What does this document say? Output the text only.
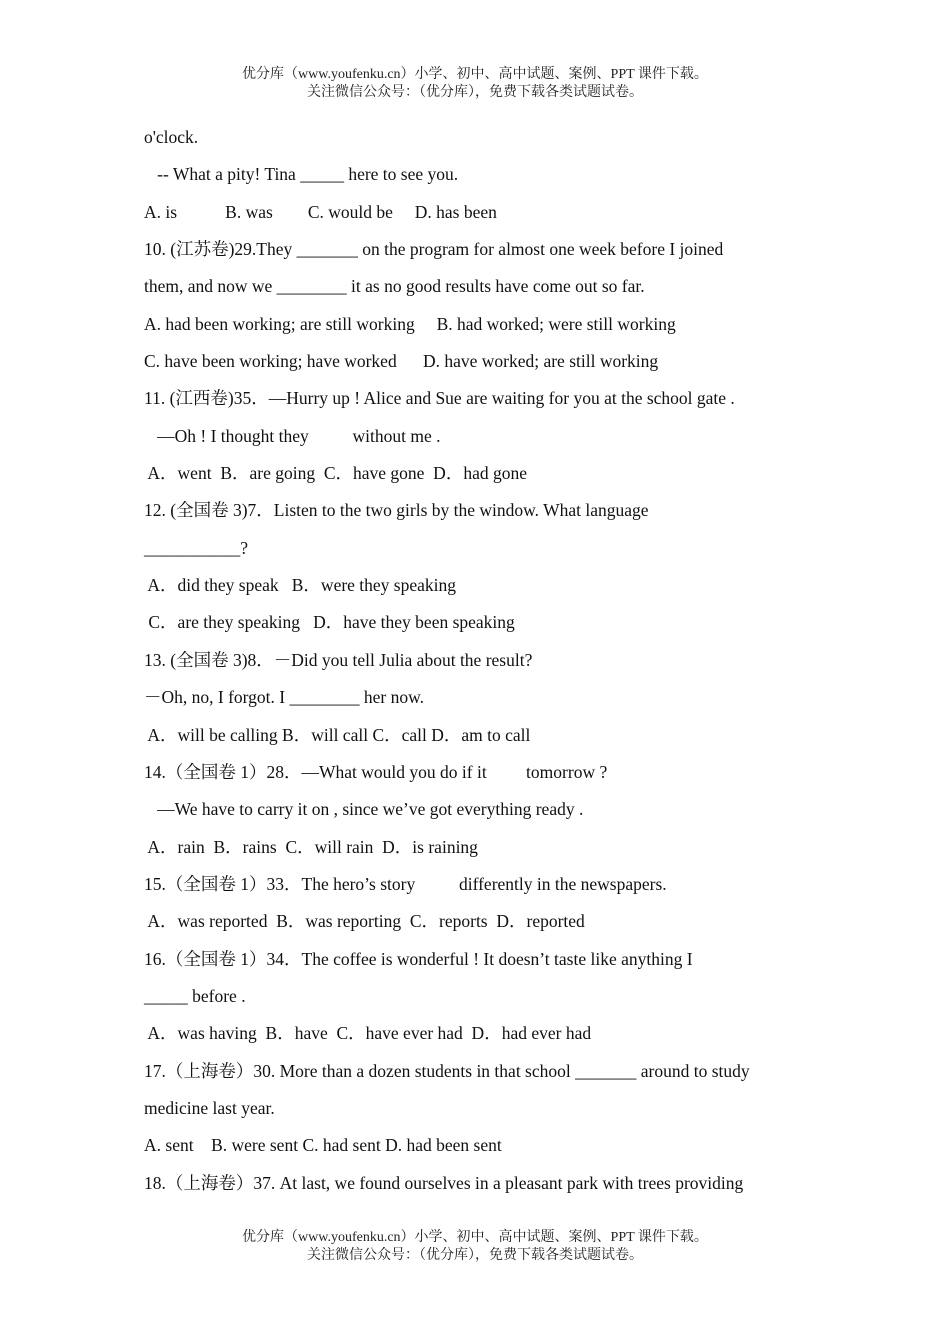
优分库（www.youfenku.cn）小学、初中、高中试题、案例、PPT 课件下载。
关注微信公众号：（优分库），免费下载各类试题试卷。
o'clock.
-- What a pity! Tina _____ here to see you.
A. is           B. was        C. would be     D. has been
10. (江苏卷)29.They _______ on the program for almost one week before I joined
them, and now we ________ it as no good results have come out so far.
A. had been working; are still working     B. had worked; were still working
C. have been working; have worked      D. have worked; are still working
11. (江西卷)35．—Hurry up ! Alice and Sue are waiting for you at the school gate .
—Oh ! I thought they          without me .
A．went  B．are going  C．have gone  D．had gone
12. (全国卷 3)7．Listen to the two girls by the window. What language
___________?
A．did they speak   B．were they speaking
C．are they speaking   D．have they been speaking
13. (全国卷 3)8．－Did you tell Julia about the result?
－Oh, no, I forgot. I ________ her now.
A．will be calling B．will call C．call D．am to call
14.（全国卷 1）28．—What would you do if it         tomorrow ?
—We have to carry it on , since we’ve got everything ready .
A．rain  B．rains  C．will rain  D．is raining
15.（全国卷 1）33．The hero’s story          differently in the newspapers.
A．was reported  B．was reporting  C．reports  D．reported
16.（全国卷 1）34．The coffee is wonderful ! It doesn’t taste like anything I
_____ before .
A．was having  B．have  C．have ever had  D．had ever had
17.（上海卷）30. More than a dozen students in that school _______ around to study
medicine last year.
A. sent    B. were sent C. had sent D. had been sent
18.（上海卷）37. At last, we found ourselves in a pleasant park with trees providing
优分库（www.youfenku.cn）小学、初中、高中试题、案例、PPT 课件下载。
关注微信公众号：（优分库），免费下载各类试题试卷。
